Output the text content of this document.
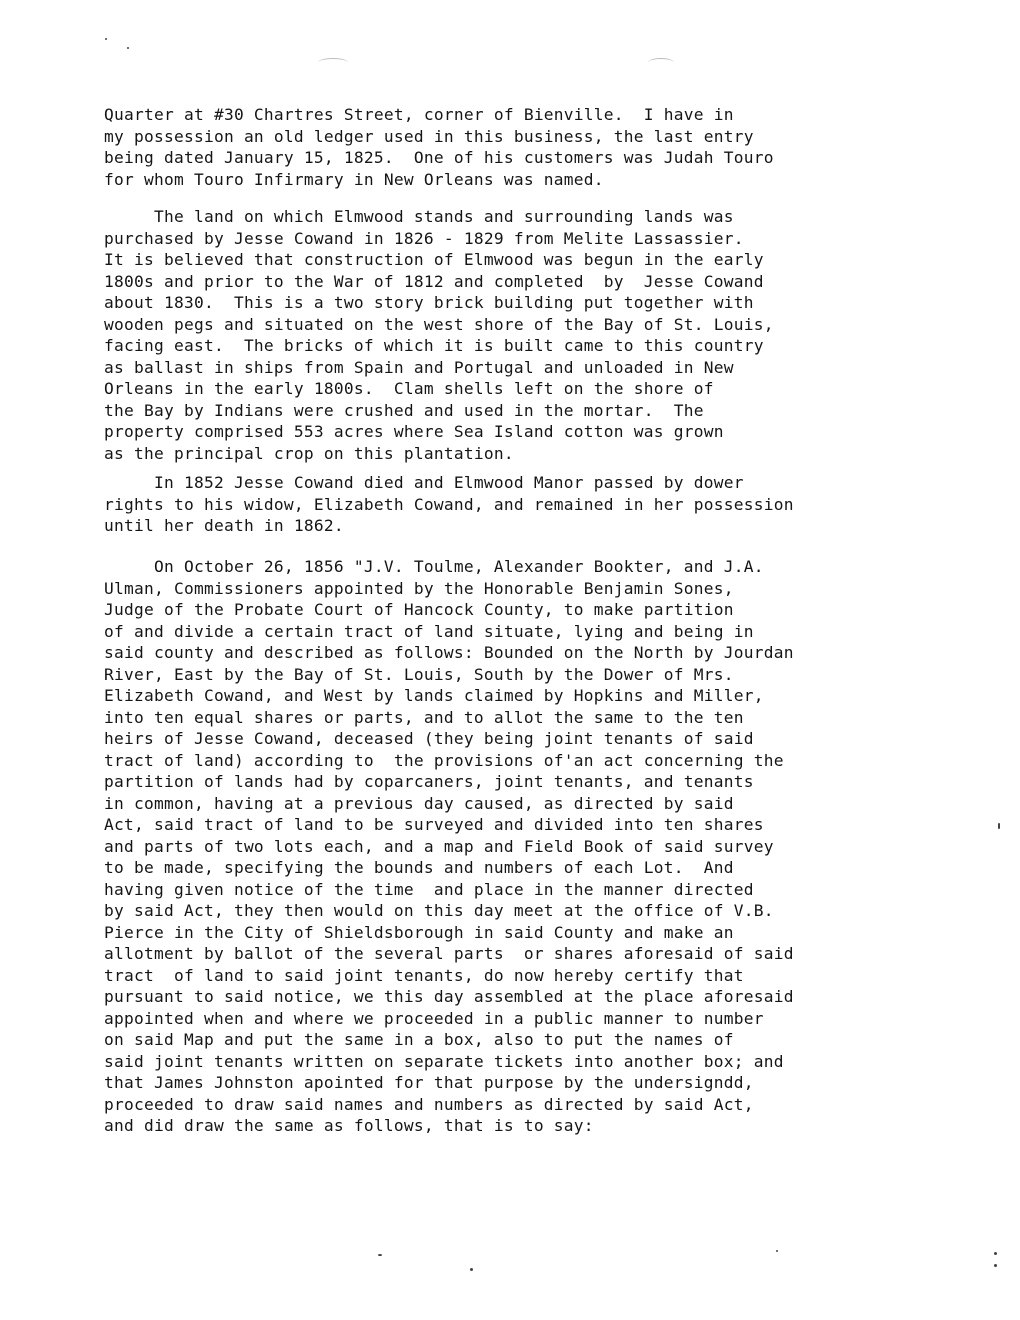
Quarter at #30 Chartres Street, corner of Bienville.  I have in
my possession an old ledger used in this business, the last entry
being dated January 15, 1825.  One of his customers was Judah Touro
for whom Touro Infirmary in New Orleans was named.
The land on which Elmwood stands and surrounding lands was
purchased by Jesse Cowand in 1826 - 1829 from Melite Lassassier.
It is believed that construction of Elmwood was begun in the early
1800s and prior to the War of 1812 and completed  by  Jesse Cowand
about 1830.  This is a two story brick building put together with
wooden pegs and situated on the west shore of the Bay of St. Louis,
facing east.  The bricks of which it is built came to this country
as ballast in ships from Spain and Portugal and unloaded in New
Orleans in the early 1800s.  Clam shells left on the shore of
the Bay by Indians were crushed and used in the mortar.  The
property comprised 553 acres where Sea Island cotton was grown
as the principal crop on this plantation.
In 1852 Jesse Cowand died and Elmwood Manor passed by dower
rights to his widow, Elizabeth Cowand, and remained in her possession
until her death in 1862.
On October 26, 1856 "J.V. Toulme, Alexander Bookter, and J.A.
Ulman, Commissioners appointed by the Honorable Benjamin Sones,
Judge of the Probate Court of Hancock County, to make partition
of and divide a certain tract of land situate, lying and being in
said county and described as follows: Bounded on the North by Jourdan
River, East by the Bay of St. Louis, South by the Dower of Mrs.
Elizabeth Cowand, and West by lands claimed by Hopkins and Miller,
into ten equal shares or parts, and to allot the same to the ten
heirs of Jesse Cowand, deceased (they being joint tenants of said
tract of land) according to  the provisions of'an act concerning the
partition of lands had by coparcaners, joint tenants, and tenants
in common, having at a previous day caused, as directed by said
Act, said tract of land to be surveyed and divided into ten shares
and parts of two lots each, and a map and Field Book of said survey
to be made, specifying the bounds and numbers of each Lot.  And
having given notice of the time  and place in the manner directed
by said Act, they then would on this day meet at the office of V.B.
Pierce in the City of Shieldsborough in said County and make an
allotment by ballot of the several parts  or shares aforesaid of said
tract  of land to said joint tenants, do now hereby certify that
pursuant to said notice, we this day assembled at the place aforesaid
appointed when and where we proceeded in a public manner to number
on said Map and put the same in a box, also to put the names of
said joint tenants written on separate tickets into another box; and
that James Johnston apointed for that purpose by the undersigndd,
proceeded to draw said names and numbers as directed by said Act,
and did draw the same as follows, that is to say:
